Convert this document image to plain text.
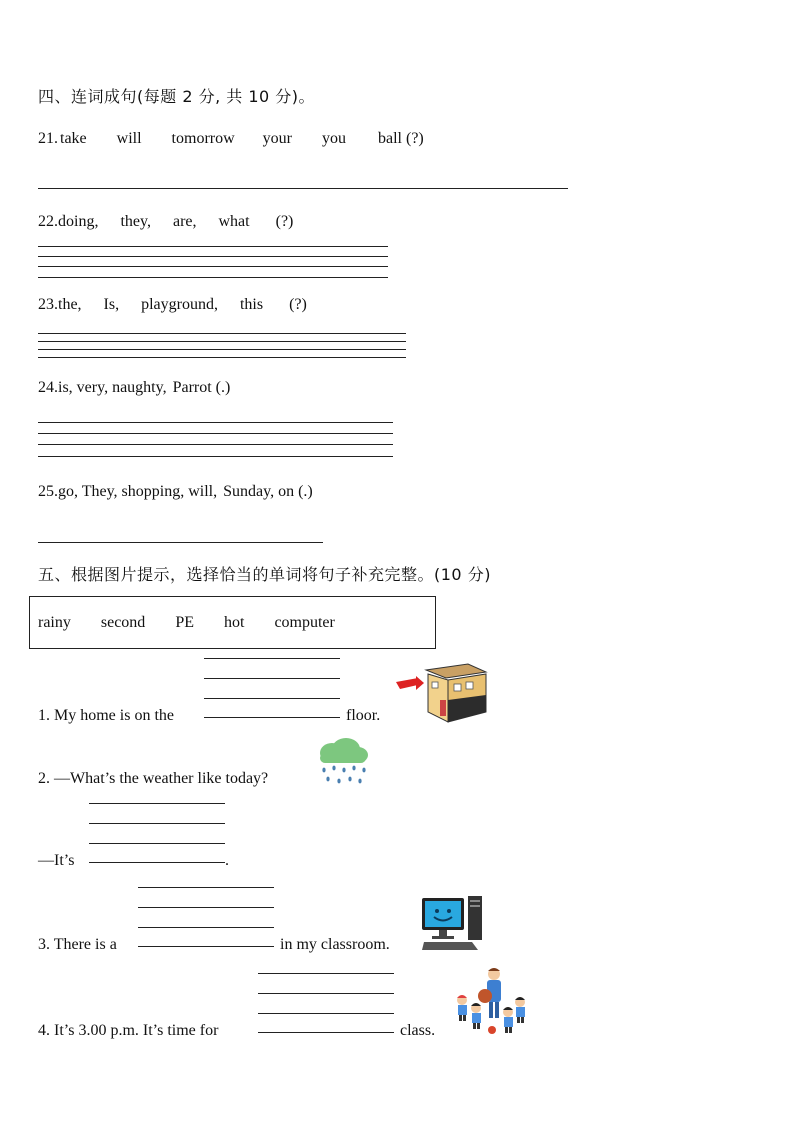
四、连词成句(每题 2 分, 共 10 分)。
21. take will tomorrow your you ball (?)
22.doing, they, are, what (?)
23.the, Is, playground, this (?)
24.is, very, naughty, Parrot (.)
25.go, They, shopping, will, Sunday, on (.)
五、根据图片提示，选择恰当的单词将句子补充完整。(10 分)
rainy second PE hot computer
1. My home is on the	floor.
2. —What’s the weather like today?
—It’s	.
3. There is a	in my classroom.
4. It’s 3.00 p.m. It’s time for	class.
